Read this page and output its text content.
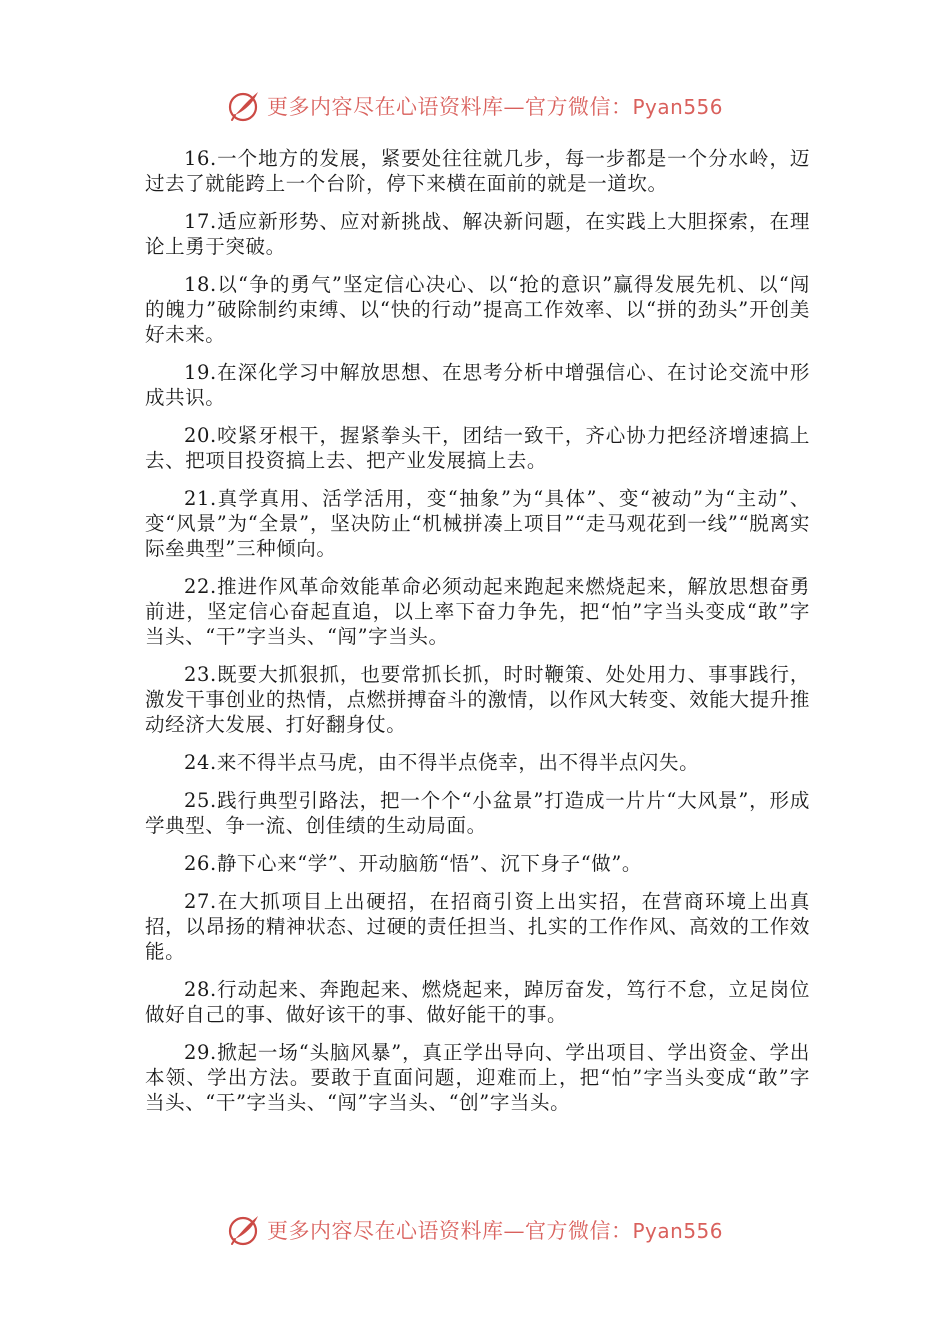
更多内容尽在心语资料库—官方微信：Pyan556

16.一个地方的发展，紧要处往往就几步，每一步都是一个分水岭，迈过去了就能跨上一个台阶，停下来横在面前的就是一道坎。

17.适应新形势、应对新挑战、解决新问题，在实践上大胆探索，在理论上勇于突破。

18.以“争的勇气”坚定信心决心、以“抢的意识”赢得发展先机、以“闯的魄力”破除制约束缚、以“快的行动”提高工作效率、以“拼的劲头”开创美好未来。

19.在深化学习中解放思想、在思考分析中增强信心、在讨论交流中形成共识。

20.咬紧牙根干，握紧拳头干，团结一致干，齐心协力把经济增速搞上去、把项目投资搞上去、把产业发展搞上去。

21.真学真用、活学活用，变“抽象”为“具体”、变“被动”为“主动”、变“风景”为“全景”，坚决防止“机械拼凑上项目”“走马观花到一线”“脱离实际垒典型”三种倾向。

22.推进作风革命效能革命必须动起来跑起来燃烧起来，解放思想奋勇前进，坚定信心奋起直追，以上率下奋力争先，把“怕”字当头变成“敢”字当头、“干”字当头、“闯”字当头。

23.既要大抓狠抓，也要常抓长抓，时时鞭策、处处用力、事事践行，激发干事创业的热情，点燃拼搏奋斗的激情，以作风大转变、效能大提升推动经济大发展、打好翻身仗。

24.来不得半点马虎，由不得半点侥幸，出不得半点闪失。

25.践行典型引路法，把一个个“小盆景”打造成一片片“大风景”，形成学典型、争一流、创佳绩的生动局面。

26.静下心来“学”、开动脑筋“悟”、沉下身子“做”。

27.在大抓项目上出硬招，在招商引资上出实招，在营商环境上出真招，以昂扬的精神状态、过硬的责任担当、扎实的工作作风、高效的工作效能。

28.行动起来、奔跑起来、燃烧起来，踔厉奋发，笃行不怠，立足岗位做好自己的事、做好该干的事、做好能干的事。

29.掀起一场“头脑风暴”，真正学出导向、学出项目、学出资金、学出本领、学出方法。要敢于直面问题，迎难而上，把“怕”字当头变成“敢”字当头、“干”字当头、“闯”字当头、“创”字当头。

更多内容尽在心语资料库—官方微信：Pyan556
